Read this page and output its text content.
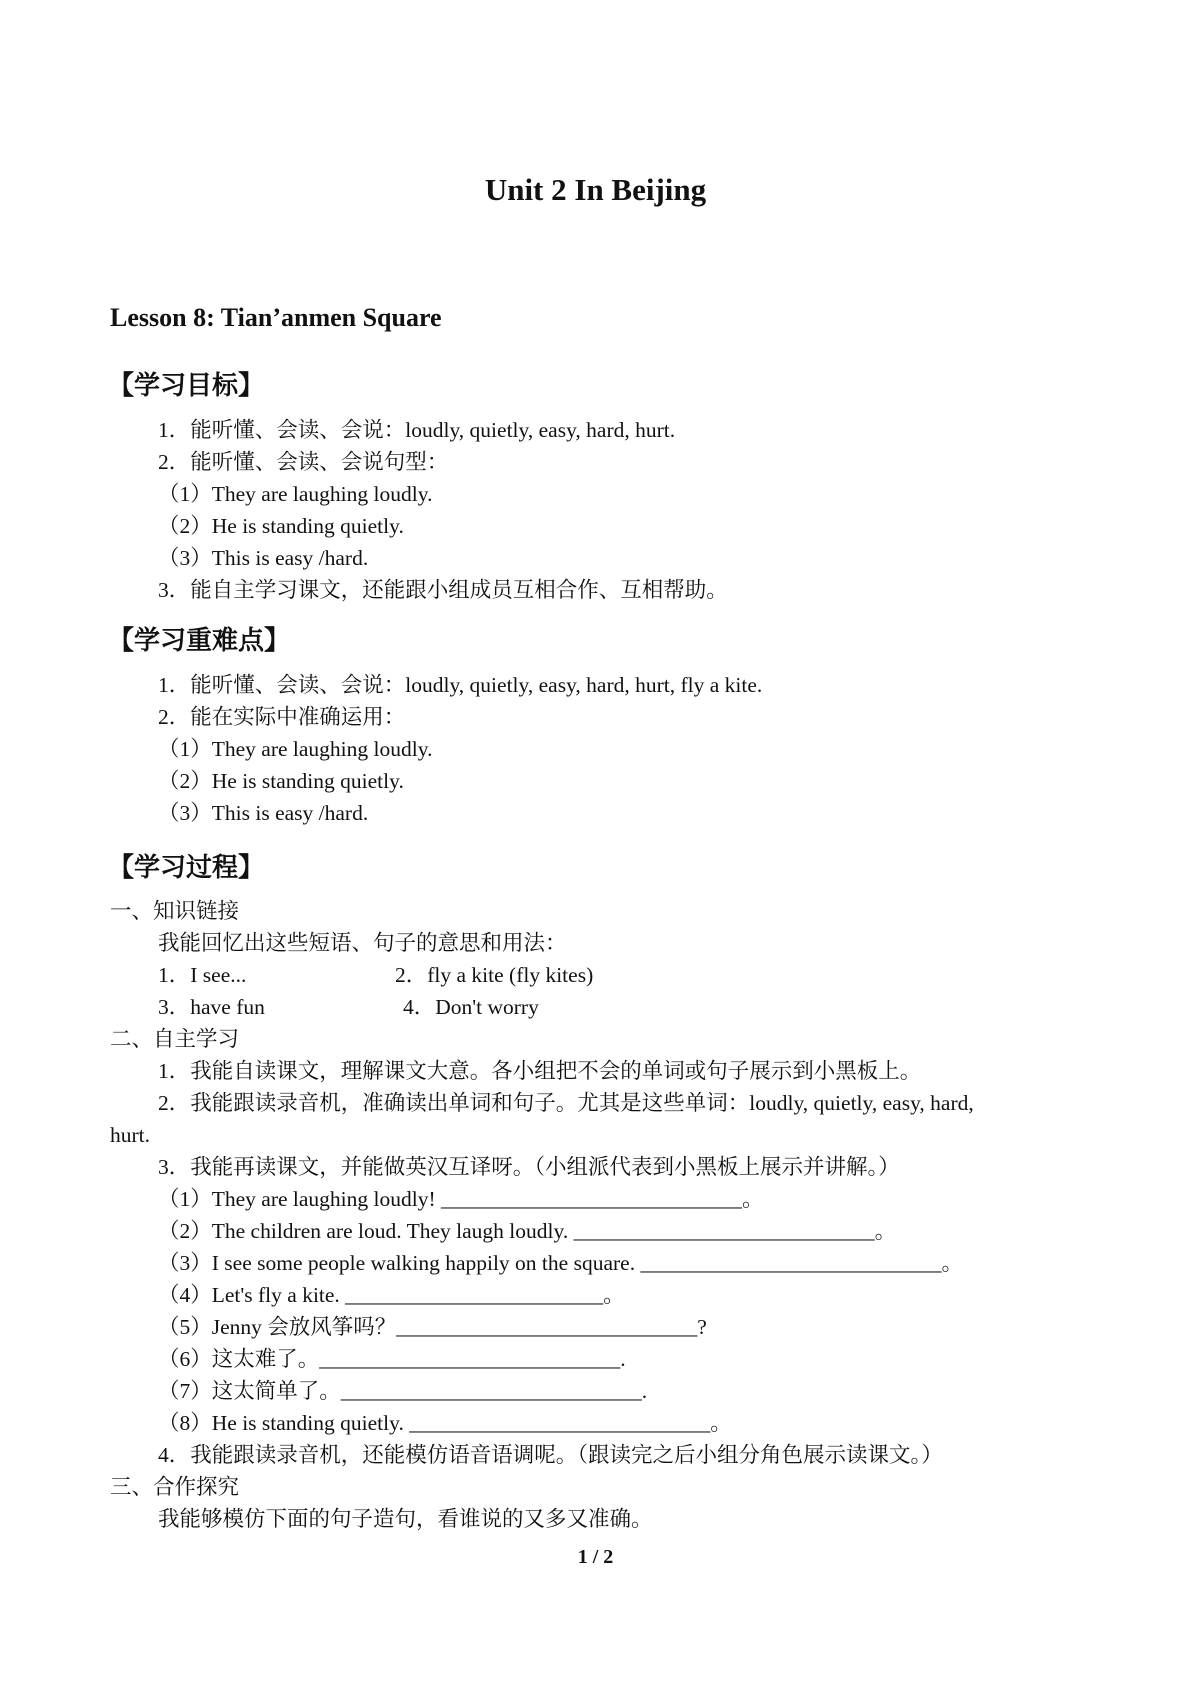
Unit 2 In Beijing
Lesson 8: Tian’anmen Square
【学习目标】
1．能听懂、会读、会说：loudly, quietly, easy, hard, hurt.
2．能听懂、会读、会说句型：
（1）They are laughing loudly.
（2）He is standing quietly.
（3）This is easy /hard.
3．能自主学习课文，还能跟小组成员互相合作、互相帮助。
【学习重难点】
1．能听懂、会读、会说：loudly, quietly, easy, hard, hurt, fly a kite.
2．能在实际中准确运用：
（1）They are laughing loudly.
（2）He is standing quietly.
（3）This is easy /hard.
【学习过程】
一、知识链接
我能回忆出这些短语、句子的意思和用法：
1．I see...	2．fly a kite (fly kites)
3．have fun	4．Don't worry
二、自主学习
1．我能自读课文，理解课文大意。各小组把不会的单词或句子展示到小黑板上。
2．我能跟读录音机，准确读出单词和句子。尤其是这些单词：loudly, quietly, easy, hard,
hurt.
3．我能再读课文，并能做英汉互译呀。（小组派代表到小黑板上展示并讲解。）
（1）They are laughing loudly! ____________________________。
（2）The children are loud. They laugh loudly. ____________________________。
（3）I see some people walking happily on the square. ____________________________。
（4）Let's fly a kite. ________________________。
（5）Jenny 会放风筝吗？____________________________?
（6）这太难了。____________________________.
（7）这太简单了。____________________________.
（8）He is standing quietly. ____________________________。
4．我能跟读录音机，还能模仿语音语调呢。（跟读完之后小组分角色展示读课文。）
三、合作探究
我能够模仿下面的句子造句，看谁说的又多又准确。
1 / 2
